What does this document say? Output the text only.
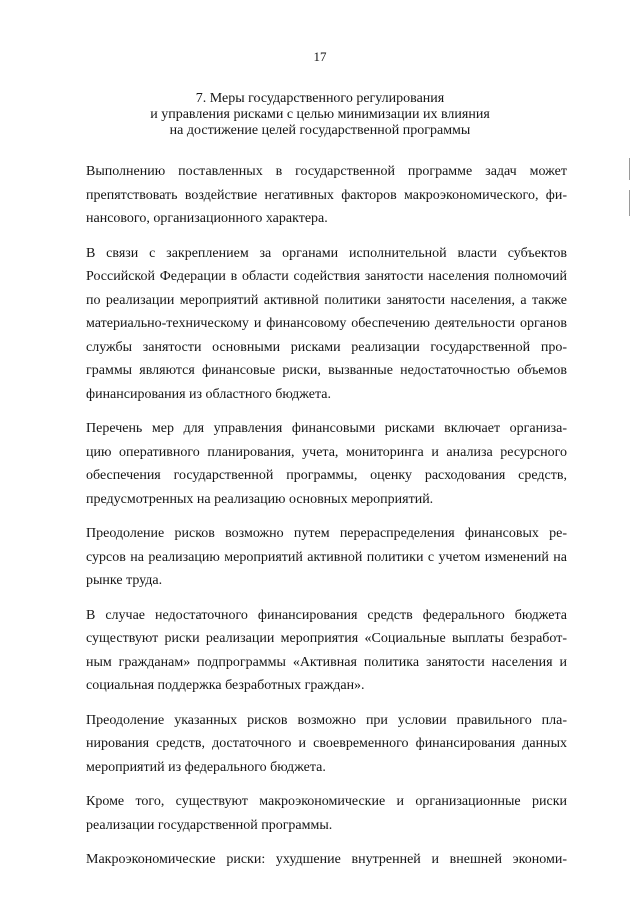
17
7. Меры государственного регулирования
и управления рисками с целью минимизации их влияния
на достижение целей государственной программы

Выполнению поставленных в государственной программе задач может
препятствовать воздействие негативных факторов макроэкономического, фи-
нансового, организационного характера.

В связи с закреплением за органами исполнительной власти субъектов
Российской Федерации в области содействия занятости населения полномочий
по реализации мероприятий активной политики занятости населения, а также
материально-техническому и финансовому обеспечению деятельности органов
службы занятости основными рисками реализации государственной про-
граммы являются финансовые риски, вызванные недостаточностью объемов
финансирования из областного бюджета.

Перечень мер для управления финансовыми рисками включает организа-
цию оперативного планирования, учета, мониторинга и анализа ресурсного
обеспечения государственной программы, оценку расходования средств,
предусмотренных на реализацию основных мероприятий.

Преодоление рисков возможно путем перераспределения финансовых ре-
сурсов на реализацию мероприятий активной политики с учетом изменений на
рынке труда.

В случае недостаточного финансирования средств федерального бюджета
существуют риски реализации мероприятия «Социальные выплаты безработ-
ным гражданам» подпрограммы «Активная политика занятости населения и
социальная поддержка безработных граждан».

Преодоление указанных рисков возможно при условии правильного пла-
нирования средств, достаточного и своевременного финансирования данных
мероприятий из федерального бюджета.

Кроме того, существуют макроэкономические и организационные риски
реализации государственной программы.

Макроэкономические риски: ухудшение внутренней и внешней экономи-
